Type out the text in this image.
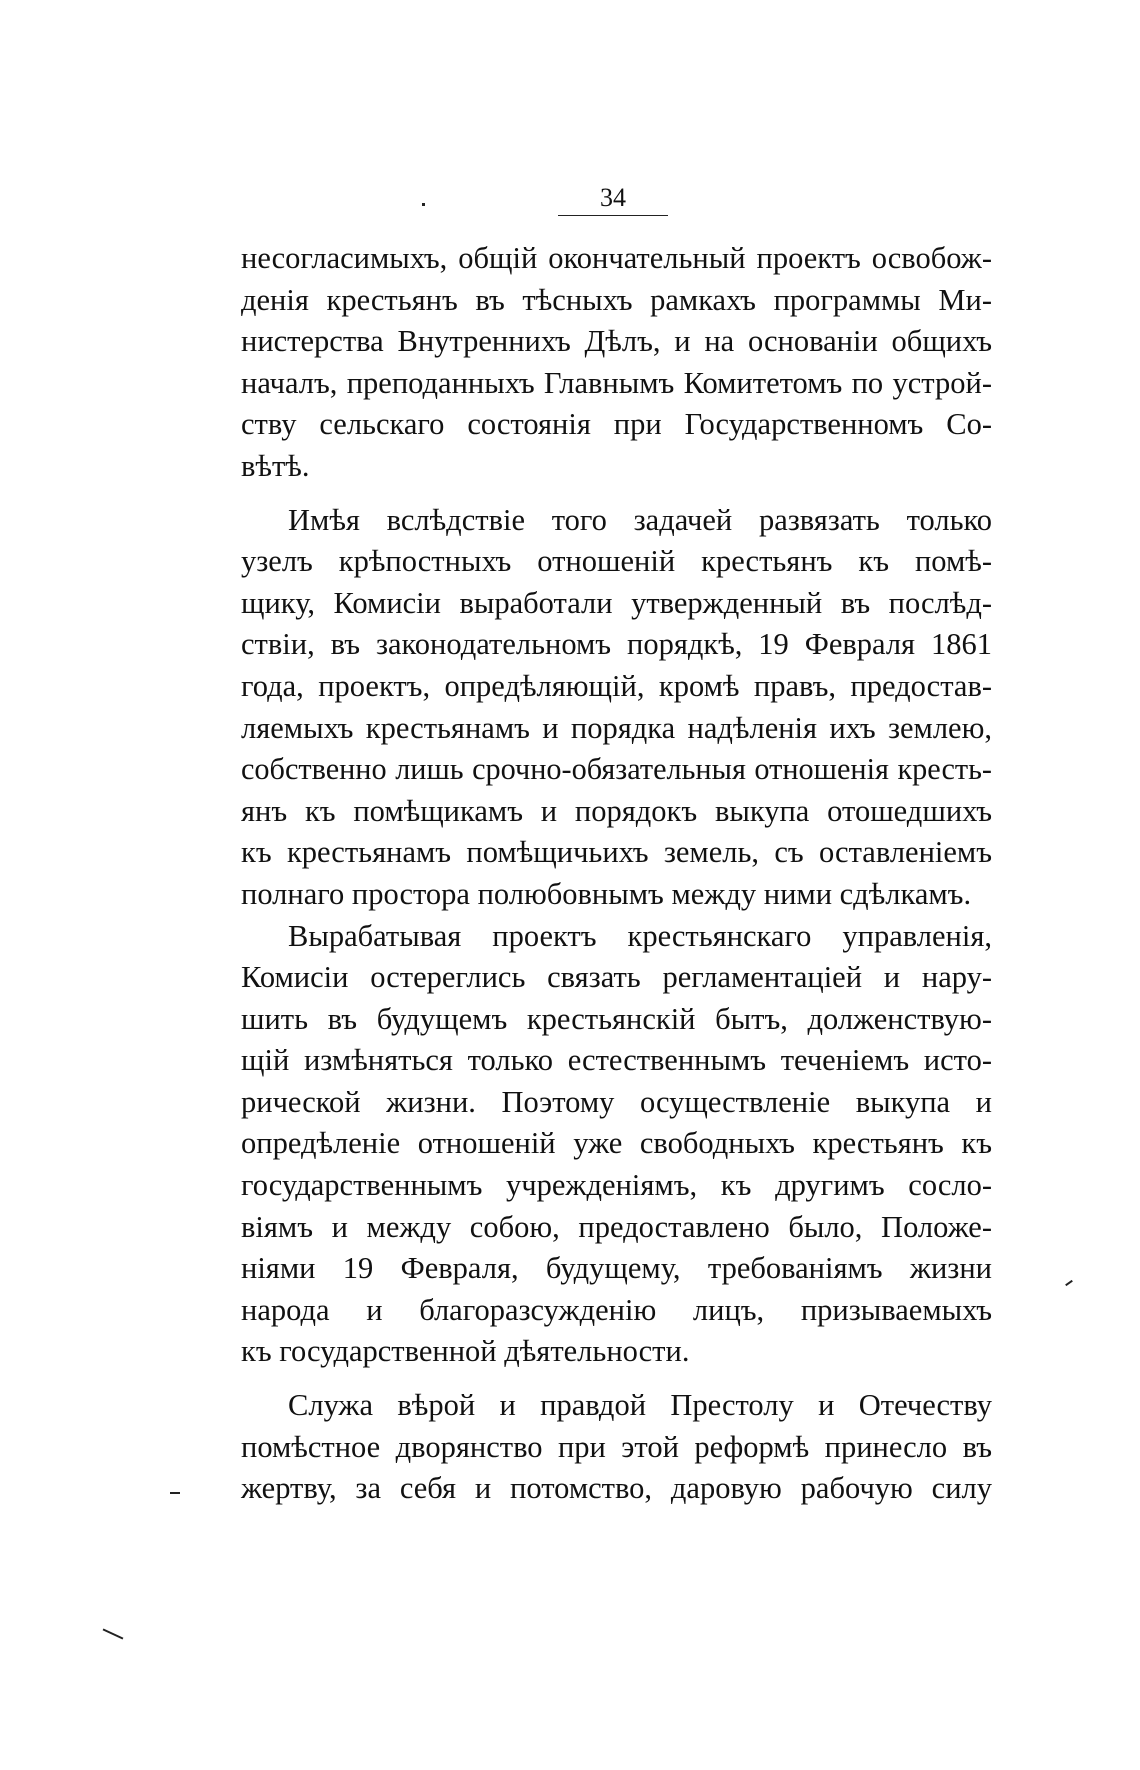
34
несогласимыхъ, общій окончательный проектъ освобож-
денія крестьянъ въ тѣсныхъ рамкахъ программы Ми-
нистерства Внутреннихъ Дѣлъ, и на основаніи общихъ
началъ, преподанныхъ Главнымъ Комитетомъ по устрой-
ству сельскаго состоянія при Государственномъ Со-
вѣтѣ.
Имѣя вслѣдствіе того задачей развязать только
узелъ крѣпостныхъ отношеній крестьянъ къ помѣ-
щику, Комисіи выработали утвержденный въ послѣд-
ствіи, въ законодательномъ порядкѣ, 19 Февраля 1861
года, проектъ, опредѣляющій, кромѣ правъ, предостав-
ляемыхъ крестьянамъ и порядка надѣленія ихъ землею,
собственно лишь срочно-обязательныя отношенія кресть-
янъ къ помѣщикамъ и порядокъ выкупа отошедшихъ
къ крестьянамъ помѣщичьихъ земель, съ оставленіемъ
полнаго простора полюбовнымъ между ними сдѣлкамъ.
Вырабатывая проектъ крестьянскаго управленія,
Комисіи остереглись связать регламентаціей и нару-
шить въ будущемъ крестьянскій бытъ, долженствую-
щій измѣняться только естественнымъ теченіемъ исто-
рической жизни. Поэтому осуществленіе выкупа и
опредѣленіе отношеній уже свободныхъ крестьянъ къ
государственнымъ учрежденіямъ, къ другимъ сосло-
віямъ и между собою, предоставлено было, Положе-
ніями 19 Февраля, будущему, требованіямъ жизни
народа и благоразсужденію лицъ, призываемыхъ
къ государственной дѣятельности.
Служа вѣрой и правдой Престолу и Отечеству
помѣстное дворянство при этой реформѣ принесло въ
жертву, за себя и потомство, даровую рабочую силу
